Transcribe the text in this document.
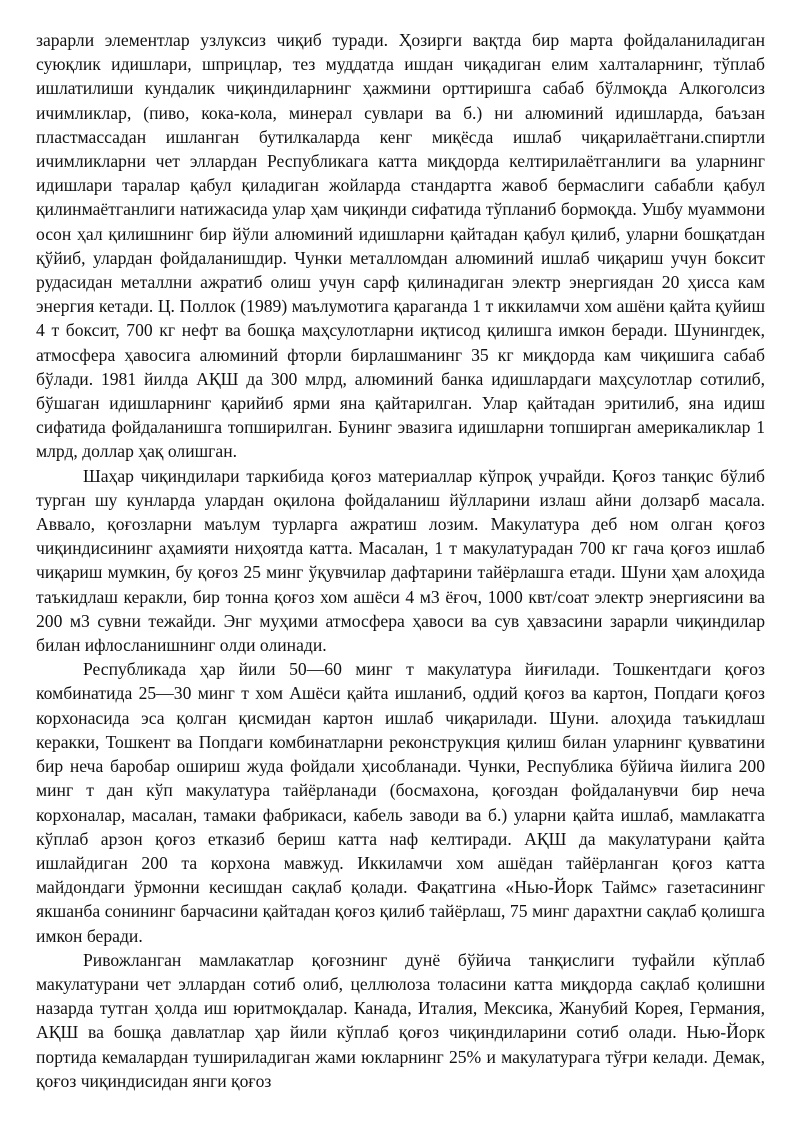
зарарли элементлар узлуксиз чиқиб туради. Ҳозирги вақтда бир марта фойдаланиладиган суюқлик идишлари, шприцлар, тез муддатда ишдан чиқадиган елим халталарнинг, тўплаб ишлатилиши кундалик чиқиндиларнинг ҳажмини орттиришга сабаб бўлмоқда Алкоголсиз ичимликлар, (пиво, кока-кола, минерал сувлари ва б.) ни алюминий идишларда, баъзан пластмассадан ишланган бутилкаларда кенг миқёсда ишлаб чиқарилаётгани.спиртли ичимликларни чет эллардан Республикага катта миқдорда келтирилаётганлиги ва уларнинг идишлари таралар қабул қиладиган жойларда стандартга жавоб бермаслиги сабабли қабул қилинмаётганлиги натижасида улар ҳам чиқинди сифатида тўпланиб бормоқда. Ушбу муаммони осон ҳал қилишнинг бир йўли алюминий идишларни қайтадан қабул қилиб, уларни бошқатдан қўйиб, улардан фойдаланишдир. Чунки металломдан алюминий ишлаб чиқариш учун боксит рудасидан металлни ажратиб олиш учун сарф қилинадиган электр энергиядан 20 ҳисса кам энергия кетади. Ц. Поллок (1989) маълумотига қараганда 1 т иккиламчи хом ашёни қайта қуйиш 4 т боксит, 700 кг нефт ва бошқа маҳсулотларни иқтисод қилишга имкон беради. Шунингдек, атмосфера ҳавосига алюминий фторли бирлашманинг 35 кг миқдорда кам чиқишига сабаб бўлади. 1981 йилда АҚШ да 300 млрд, алюминий банка идишлардаги маҳсулотлар сотилиб, бўшаган идишларнинг қарийиб ярми яна қайтарилган. Улар қайтадан эритилиб, яна идиш сифатида фойдаланишга топширилган. Бунинг эвазига идишларни топширган америкаликлар 1 млрд, доллар ҳақ олишган.

Шаҳар чиқиндилари таркибида қоғоз материаллар кўпроқ учрайди. Қоғоз танқис бўлиб турган шу кунларда улардан оқилона фойдаланиш йўлларини излаш айни долзарб масала. Аввало, қоғозларни маълум турларга ажратиш лозим. Макулатура деб ном олган қоғоз чиқиндисининг аҳамияти ниҳоятда катта. Масалан, 1 т макулатурадан 700 кг гача қоғоз ишлаб чиқариш мумкин, бу қоғоз 25 минг ўқувчилар дафтарини тайёрлашга етади. Шуни ҳам алоҳида таъкидлаш керакли, бир тонна қоғоз хом ашёси 4 м3 ёғоч, 1000 квт/соат электр энергиясини ва 200 м3 сувни тежайди. Энг муҳими атмосфера ҳавоси ва сув ҳавзасини зарарли чиқиндилар билан ифлосланишнинг олди олинади.

Республикада ҳар йили 50—60 минг т макулатура йиғилади. Тошкентдаги қоғоз комбинатида 25—30 минг т хом Ашёси қайта ишланиб, оддий қоғоз ва картон, Попдаги қоғоз корхонасида эса қолган қисмидан картон ишлаб чиқарилади. Шуни. алоҳида таъкидлаш керакки, Тошкент ва Попдаги комбинатларни реконструкция қилиш билан уларнинг қувватини бир неча баробар ошириш жуда фойдали ҳисобланади. Чунки, Республика бўйича йилига 200 минг т дан кўп макулатура тайёрланади (босмахона, қоғоздан фойдаланувчи бир неча корхоналар, масалан, тамаки фабрикаси, кабель заводи ва б.) уларни қайта ишлаб, мамлакатга кўплаб арзон қоғоз етказиб бериш катта наф келтиради. АҚШ да макулатурани қайта ишлайдиган 200 та корхона мавжуд. Иккиламчи хом ашёдан тайёрланган қоғоз катта майдондаги ўрмонни кесишдан сақлаб қолади. Фақатгина «Нью-Йорк Таймс» газетасининг якшанба сонининг барчасини қайтадан қоғоз қилиб тайёрлаш, 75 минг дарахтни сақлаб қолишга имкон беради.

Ривожланган мамлакатлар қоғознинг дунё бўйича танқислиги туфайли кўплаб макулатурани чет эллардан сотиб олиб, целлюлоза толасини катта миқдорда сақлаб қолишни назарда тутган ҳолда иш юритмоқдалар. Канада, Италия, Мексика, Жанубий Корея, Германия, АҚШ ва бошқа давлатлар ҳар йили кўплаб қоғоз чиқиндиларини сотиб олади. Нью-Йорк портида кемалардан тушириладиган жами юкларнинг 25% и макулатурага тўғри келади. Демак, қоғоз чиқиндисидан янги қоғоз
